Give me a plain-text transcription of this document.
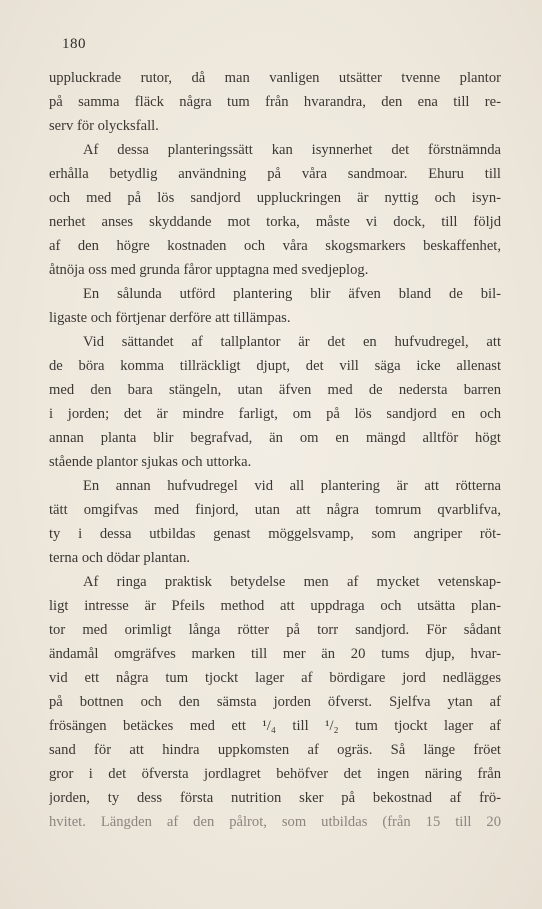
180
uppluckrade rutor, då man vanligen utsätter tvenne plantor
på samma fläck några tum från hvarandra, den ena till re-
serv för olycksfall.
Af dessa planteringssätt kan isynnerhet det förstnämnda
erhålla betydlig användning på våra sandmoar. Ehuru till
och med på lös sandjord uppluckringen är nyttig och isyn-
nerhet anses skyddande mot torka, måste vi dock, till följd
af den högre kostnaden och våra skogsmarkers beskaffenhet,
åtnöja oss med grunda fåror upptagna med svedjeplog.
En sålunda utförd plantering blir äfven bland de bil-
ligaste och förtjenar derföre att tillämpas.
Vid sättandet af tallplantor är det en hufvudregel, att
de böra komma tillräckligt djupt, det vill säga icke allenast
med den bara stängeln, utan äfven med de nedersta barren
i jorden; det är mindre farligt, om på lös sandjord en och
annan planta blir begrafvad, än om en mängd alltför högt
stående plantor sjukas och uttorka.
En annan hufvudregel vid all plantering är att rötterna
tätt omgifvas med finjord, utan att några tomrum qvarblifva,
ty i dessa utbildas genast möggelsvamp, som angriper röt-
terna och dödar plantan.
Af ringa praktisk betydelse men af mycket vetenskap-
ligt intresse är Pfeils method att uppdraga och utsätta plan-
tor med orimligt långa rötter på torr sandjord. För sådant
ändamål omgräfves marken till mer än 20 tums djup, hvar-
vid ett några tum tjockt lager af bördigare jord nedlägges
på bottnen och den sämsta jorden öfverst. Sjelfva ytan af
frösängen betäckes med ett ¹/₄ till ¹/₂ tum tjockt lager af
sand för att hindra uppkomsten af ogräs. Så länge fröet
gror i det öfversta jordlagret behöfver det ingen näring från
jorden, ty dess första nutrition sker på bekostnad af frö-
hvitet. Längden af den pålrot, som utbildas (från 15 till 20
